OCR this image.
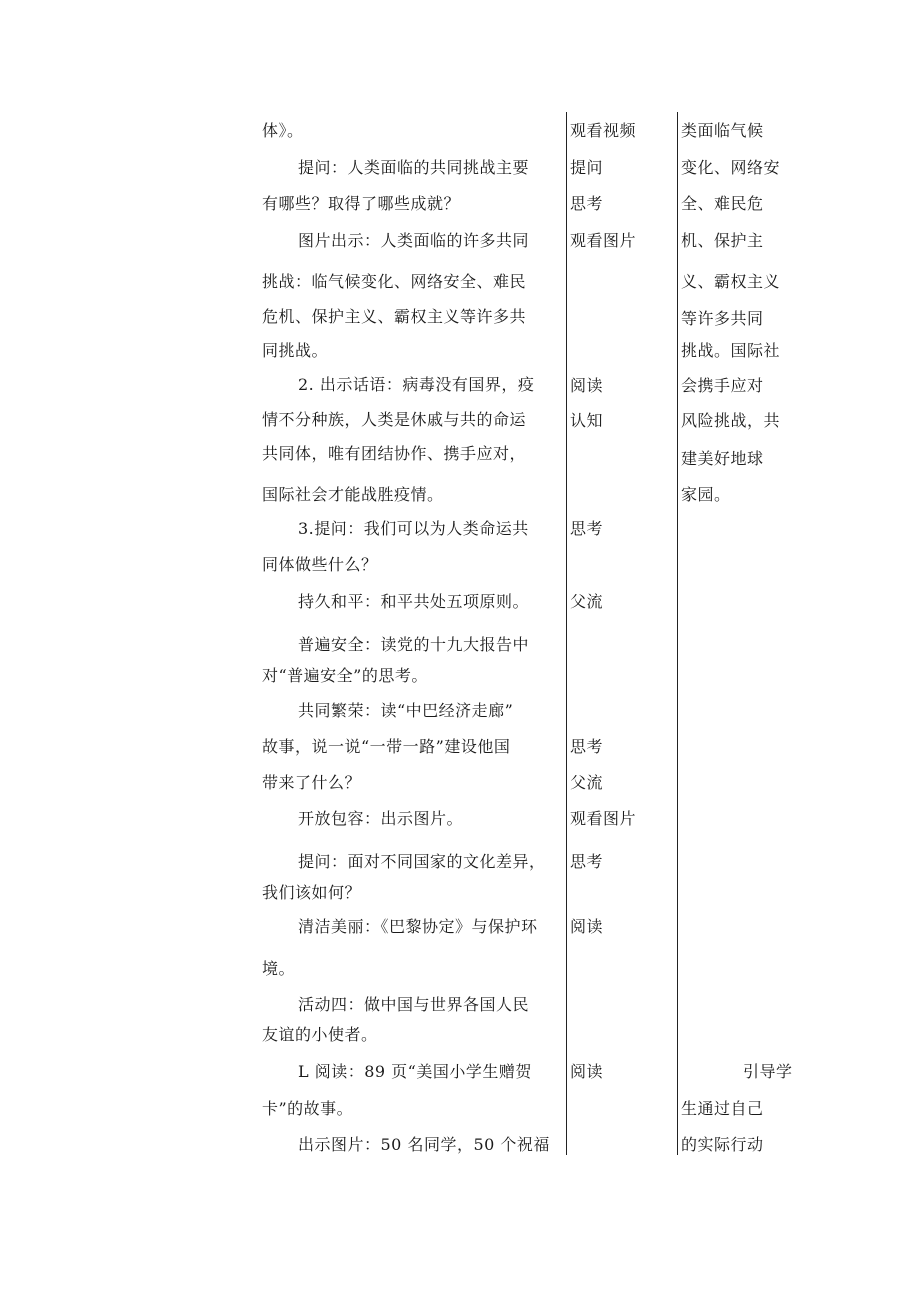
体》。
提问：人类面临的共同挑战主要
有哪些？取得了哪些成就？
图片出示：人类面临的许多共同
挑战：临气候变化、网络安全、难民
危机、保护主义、霸权主义等许多共
同挑战。
2. 出示话语：病毒没有国界，疫
情不分种族，人类是休戚与共的命运
共同体，唯有团结协作、携手应对，
国际社会才能战胜疫情。
3.提问：我们可以为人类命运共
同体做些什么？
持久和平：和平共处五项原则。
普遍安全：读党的十九大报告中
对“普遍安全”的思考。
共同繁荣：读“中巴经济走廊”
故事，说一说“一带一路”建设他国
带来了什么？
开放包容：出示图片。
提问：面对不同国家的文化差异，
我们该如何？
清洁美丽：《巴黎协定》与保护环
境。
活动四：做中国与世界各国人民
友谊的小使者。
L 阅读：89 页“美国小学生赠贺
卡”的故事。
出示图片：50 名同学，50 个祝福
观看视频
提问
思考
观看图片
阅读
认知
思考
父流
思考
父流
观看图片
思考
阅读
阅读
类面临气候
变化、网络安
全、难民危
机、保护主
义、霸权主义
等许多共同
挑战。国际社
会携手应对
风险挑战，共
建美好地球
家园。
引导学
生通过自己
的实际行动
